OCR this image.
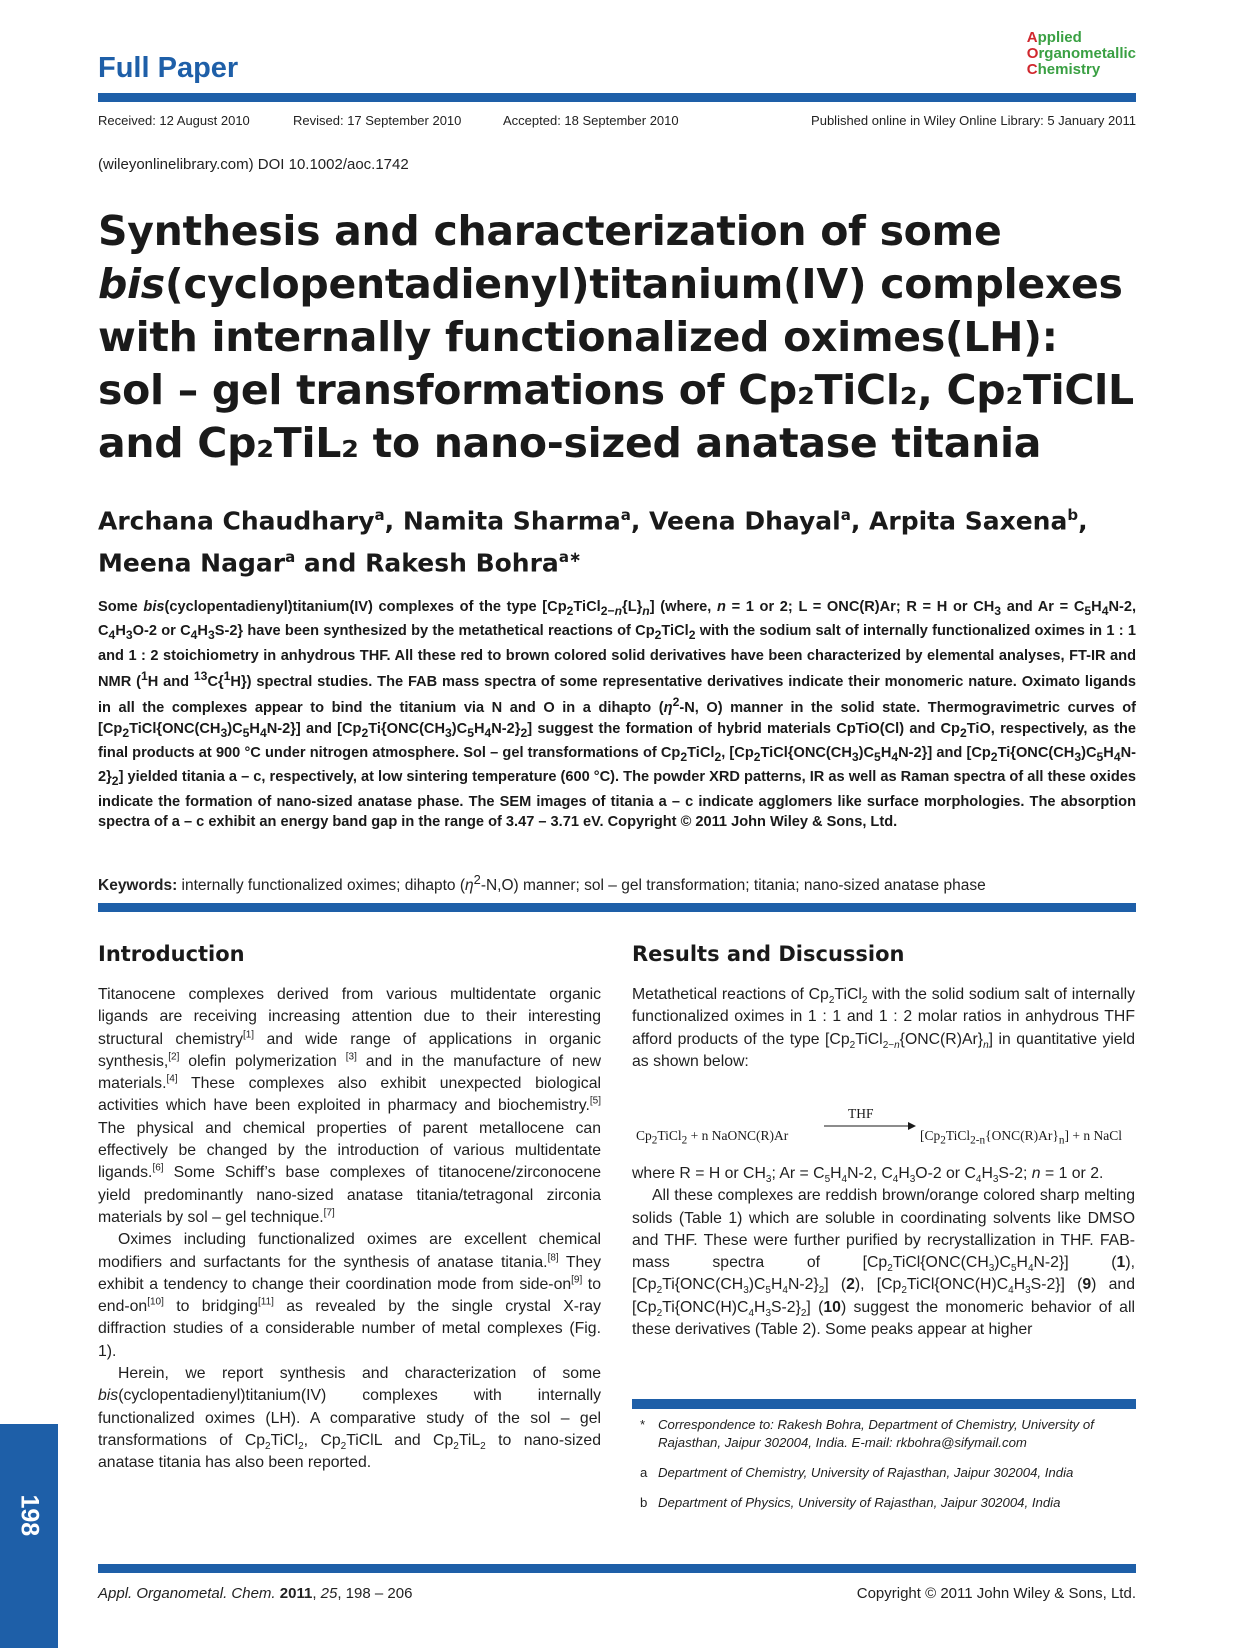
Full Paper
Applied
Organometallic
Chemistry
Received: 12 August 2010	Revised: 17 September 2010	Accepted: 18 September 2010	Published online in Wiley Online Library: 5 January 2011
(wileyonlinelibrary.com) DOI 10.1002/aoc.1742
Synthesis and characterization of some
bis(cyclopentadienyl)titanium(IV) complexes
with internally functionalized oximes(LH):
sol – gel transformations of Cp₂TiCl₂, Cp₂TiClL
and Cp₂TiL₂ to nano-sized anatase titania
Archana Chaudhary$^a$, Namita Sharma$^a$, Veena Dhayal$^a$, Arpita Saxena$^b$,
Meena Nagar$^a$ and Rakesh Bohra$^{a∗}$
Some bis(cyclopentadienyl)titanium(IV) complexes of the type $[Cp_2TiCl_{2-n}\{L\}_n]$ (where, n = 1 or 2; L = ONC(R)Ar; R = H or $CH_3$ and $Ar = C_5H_4N-2$, $C_4H_3O-2$ or $C_4H_3S-2$} have been synthesized by the metathetical reactions of $Cp_2TiCl_2$ with the sodium salt of internally functionalized oximes in 1 : 1 and 1 : 2 stoichiometry in anhydrous THF. All these red to brown colored solid derivatives have been characterized by elemental analyses, FT-IR and NMR ($^1$H and $^{13}$C{$^1$H}) spectral studies. The FAB mass spectra of some representative derivatives indicate their monomeric nature. Oximato ligands in all the complexes appear to bind the titanium via N and O in a dihapto ($\eta^2-N$, O) manner in the solid state. Thermogravimetric curves of $[Cp_2TiCl\{ONC(CH_3)C_5H_4N-2\}]$ and $[Cp_2Ti\{ONC(CH_3)C_5H_4N-2\}_2]$ suggest the formation of hybrid materials CpTiO(Cl) and $Cp_2TiO$, respectively, as the final products at 900 °C under nitrogen atmosphere. Sol – gel transformations of $Cp_2TiCl_2$, $[Cp_2TiCl\{ONC(CH_3)C_5H_4N-2\}]$ and $[Cp_2Ti\{ONC(CH_3)C_5H_4N-2\}_2]$ yielded titania a – c, respectively, at low sintering temperature (600 °C). The powder XRD patterns, IR as well as Raman spectra of all these oxides indicate the formation of nano-sized anatase phase. The SEM images of titania a – c indicate agglomers like surface morphologies. The absorption spectra of a – c exhibit an energy band gap in the range of 3.47 – 3.71 eV. Copyright © 2011 John Wiley & Sons, Ltd.
Keywords: internally functionalized oximes; dihapto $(\eta^2-N,O)$ manner; sol – gel transformation; titania; nano-sized anatase phase
Introduction	Results and Discussion

Titanocene complexes derived from various multidentate organic ligands are receiving increasing attention due to their interesting structural chemistry[1] and wide range of applications in organic synthesis,[2] olefin polymerization [3] and in the manufacture of new materials.[4] These complexes also exhibit unexpected biological activities which have been exploited in pharmacy and biochemistry.[5] The physical and chemical properties of parent metallocene can effectively be changed by the introduction of various multidentate ligands.[6] Some Schiff’s base complexes of titanocene/zirconocene yield predominantly nano-sized anatase titania/tetragonal zirconia materials by sol – gel technique.[7]

Oximes including functionalized oximes are excellent chemical modifiers and surfactants for the synthesis of anatase titania.[8] They exhibit a tendency to change their coordination mode from side-on[9] to end-on[10] to bridging[11] as revealed by the single crystal X-ray diffraction studies of a considerable number of metal complexes (Fig. 1).

Herein, we report synthesis and characterization of some bis(cyclopentadienyl)titanium(IV) complexes with internally functionalized oximes (LH). A comparative study of the sol – gel transformations of $Cp_2TiCl_2$, $Cp_2TiClL$ and $Cp_2TiL_2$ to nano-sized anatase titania has also been reported.

Metathetical reactions of $Cp_2TiCl_2$ with the solid sodium salt of internally functionalized oximes in 1 : 1 and 1 : 2 molar ratios in anhydrous THF afford products of the type $[Cp_2TiCl_{2-n}\{ONC(R)Ar\}_n]$ in quantitative yield as shown below:

$Cp_2TiCl_2 + n$ NaONC(R)Ar
THF
$[Cp_2TiCl_{2-n}\{ONC(R)Ar\}_n] + n$ NaCl

where R = H or $CH_3$; $Ar = C_5H_4N-2$, $C_4H_3O-2$ or $C_4H_3S-2$; n = 1 or 2.

All these complexes are reddish brown/orange colored sharp melting solids (Table 1) which are soluble in coordinating solvents like DMSO and THF. These were further purified by recrystallization in THF. FAB-mass spectra of $[Cp_2TiCl\{ONC(CH_3)C_5H_4N-2\}]$ (1), $[Cp_2Ti\{ONC(CH_3)C_5H_4N-2\}_2]$ (2), $[Cp_2TiCl\{ONC(H)C_4H_3S-2\}]$ (9) and $[Cp_2Ti\{ONC(H)C_4H_3S-2\}_2]$ (10) suggest the monomeric behavior of all these derivatives (Table 2). Some peaks appear at higher

* Correspondence to: Rakesh Bohra, Department of Chemistry, University of Rajasthan, Jaipur 302004, India. E-mail: rkbohra@sifymail.com
a Department of Chemistry, University of Rajasthan, Jaipur 302004, India
b Department of Physics, University of Rajasthan, Jaipur 302004, India
198
Appl. Organometal. Chem. 2011, 25, 198 – 206	Copyright © 2011 John Wiley & Sons, Ltd.
